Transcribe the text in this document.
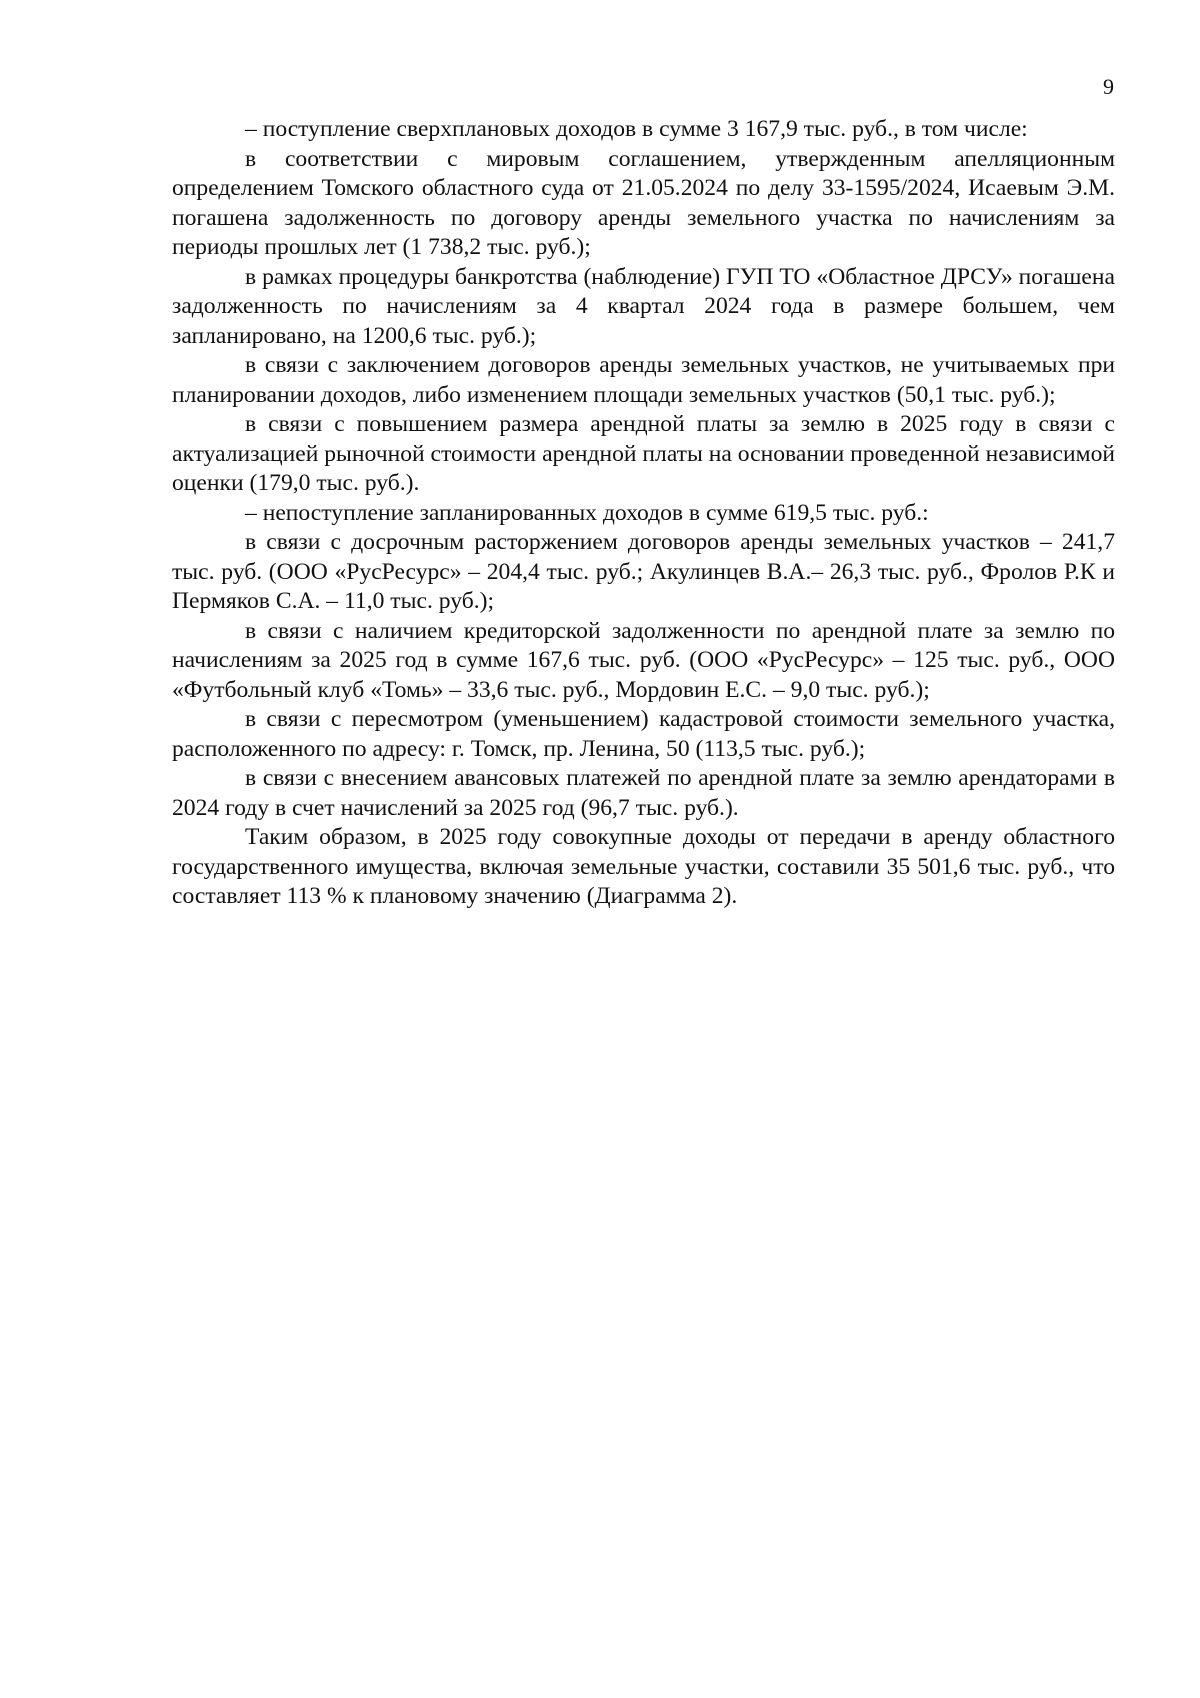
9

– поступление сверхплановых доходов в сумме 3 167,9 тыс. руб., в том числе:

в соответствии с мировым соглашением, утвержденным апелляционным определением Томского областного суда от 21.05.2024 по делу 33-1595/2024, Исаевым Э.М. погашена задолженность по договору аренды земельного участка по начислениям за периоды прошлых лет (1 738,2 тыс. руб.);

в рамках процедуры банкротства (наблюдение) ГУП ТО «Областное ДРСУ» погашена задолженность по начислениям за 4 квартал 2024 года в размере большем, чем запланировано, на 1200,6 тыс. руб.);

в связи с заключением договоров аренды земельных участков, не учитываемых при планировании доходов, либо изменением площади земельных участков (50,1 тыс. руб.);

в связи с повышением размера арендной платы за землю в 2025 году в связи с актуализацией рыночной стоимости арендной платы на основании проведенной независимой оценки (179,0 тыс. руб.).

– непоступление запланированных доходов в сумме 619,5 тыс. руб.:

в связи с досрочным расторжением договоров аренды земельных участков – 241,7 тыс. руб. (ООО «РусРесурс» – 204,4 тыс. руб.; Акулинцев В.А.– 26,3 тыс. руб., Фролов Р.К и Пермяков С.А. – 11,0 тыс. руб.);

в связи с наличием кредиторской задолженности по арендной плате за землю по начислениям за 2025 год в сумме 167,6 тыс. руб. (ООО «РусРесурс» – 125 тыс. руб., ООО «Футбольный клуб «Томь» – 33,6 тыс. руб., Мордовин Е.С. – 9,0 тыс. руб.);

в связи с пересмотром (уменьшением) кадастровой стоимости земельного участка, расположенного по адресу: г. Томск, пр. Ленина, 50 (113,5 тыс. руб.);

в связи с внесением авансовых платежей по арендной плате за землю арендаторами в 2024 году в счет начислений за 2025 год (96,7 тыс. руб.).

Таким образом, в 2025 году совокупные доходы от передачи в аренду областного государственного имущества, включая земельные участки, составили 35 501,6 тыс. руб., что составляет 113 % к плановому значению (Диаграмма 2).
